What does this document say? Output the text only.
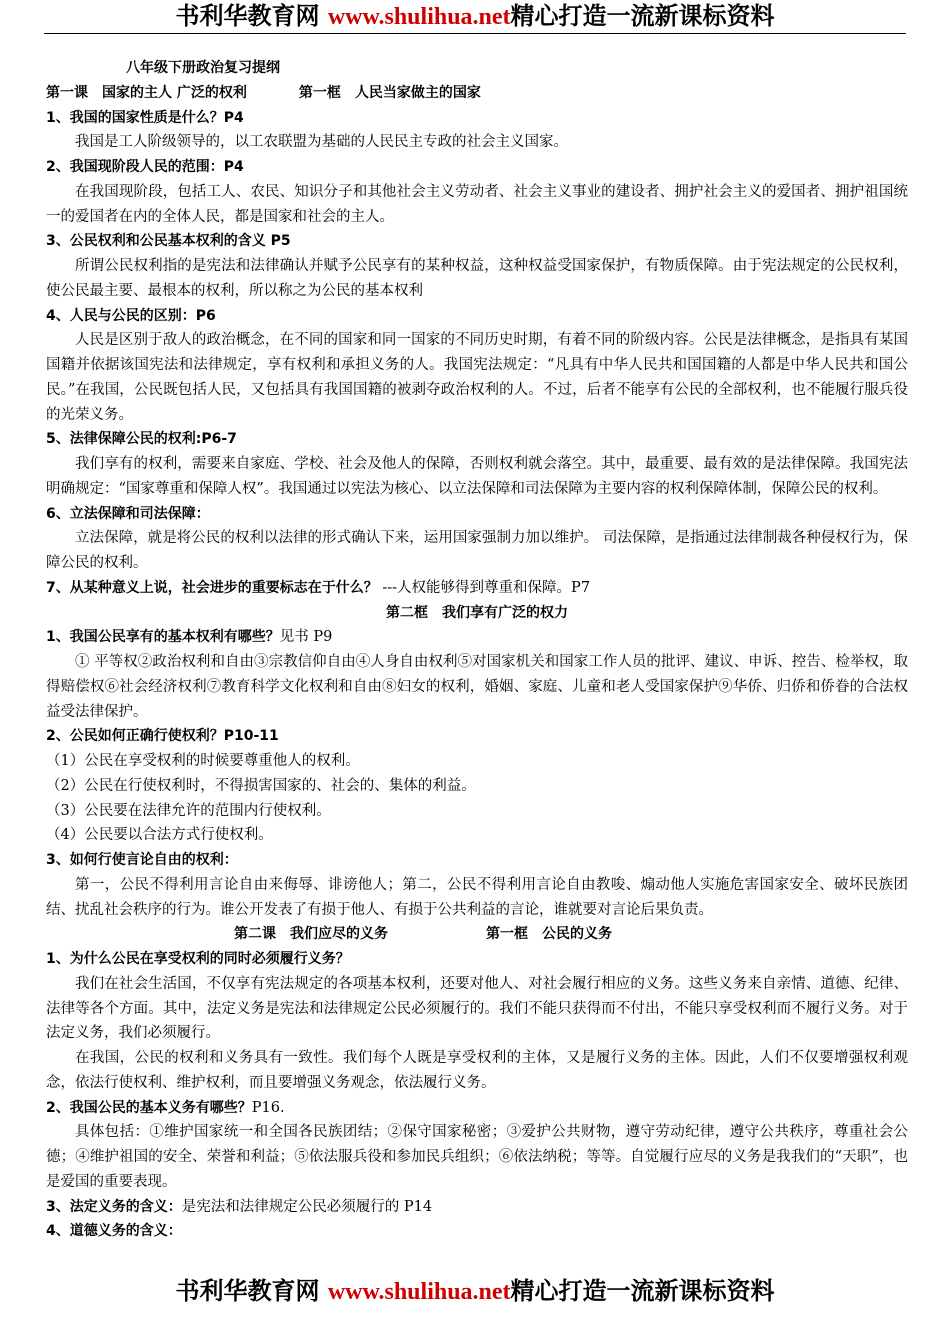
书利华教育网 www.shulihua.net精心打造一流新课标资料

八年级下册政治复习提纲

第一课　国家的主人 广泛的权利	第一框　人民当家做主的国家

1、我国的国家性质是什么？P4

我国是工人阶级领导的，以工农联盟为基础的人民民主专政的社会主义国家。

2、我国现阶段人民的范围：P4

在我国现阶段，包括工人、农民、知识分子和其他社会主义劳动者、社会主义事业的建设者、拥护社会主义的爱国者、拥护祖国统一的爱国者在内的全体人民，都是国家和社会的主人。

3、公民权利和公民基本权利的含义 P5

所谓公民权利指的是宪法和法律确认并赋予公民享有的某种权益，这种权益受国家保护，有物质保障。由于宪法规定的公民权利，使公民最主要、最根本的权利，所以称之为公民的基本权利

4、人民与公民的区别：P6

人民是区别于敌人的政治概念，在不同的国家和同一国家的不同历史时期，有着不同的阶级内容。公民是法律概念，是指具有某国国籍并依据该国宪法和法律规定，享有权利和承担义务的人。我国宪法规定：“凡具有中华人民共和国国籍的人都是中华人民共和国公民。”在我国，公民既包括人民，又包括具有我国国籍的被剥夺政治权利的人。不过，后者不能享有公民的全部权利，也不能履行服兵役的光荣义务。

5、法律保障公民的权利:P6-7

我们享有的权利，需要来自家庭、学校、社会及他人的保障，否则权利就会落空。其中，最重要、最有效的是法律保障。我国宪法明确规定：“国家尊重和保障人权”。我国通过以宪法为核心、以立法保障和司法保障为主要内容的权利保障体制，保障公民的权利。

6、立法保障和司法保障：

立法保障，就是将公民的权利以法律的形式确认下来，运用国家强制力加以维护。 司法保障，是指通过法律制裁各种侵权行为，保障公民的权利。

7、从某种意义上说，社会进步的重要标志在于什么？ ---人权能够得到尊重和保障。P7

第二框　我们享有广泛的权力

1、我国公民享有的基本权利有哪些？见书 P9

① 平等权②政治权利和自由③宗教信仰自由④人身自由权利⑤对国家机关和国家工作人员的批评、建议、申诉、控告、检举权，取得赔偿权⑥社会经济权利⑦教育科学文化权利和自由⑧妇女的权利，婚姻、家庭、儿童和老人受国家保护⑨华侨、归侨和侨眷的合法权益受法律保护。

2、公民如何正确行使权利？P10-11

（1）公民在享受权利的时候要尊重他人的权利。

（2）公民在行使权利时，不得损害国家的、社会的、集体的利益。

（3）公民要在法律允许的范围内行使权利。

（4）公民要以合法方式行使权利。

3、如何行使言论自由的权利：

第一，公民不得利用言论自由来侮辱、诽谤他人；第二，公民不得利用言论自由教唆、煽动他人实施危害国家安全、破坏民族团结、扰乱社会秩序的行为。谁公开发表了有损于他人、有损于公共利益的言论，谁就要对言论后果负责。

第二课　我们应尽的义务	第一框　公民的义务

1、为什么公民在享受权利的同时必须履行义务？

我们在社会生活国，不仅享有宪法规定的各项基本权利，还要对他人、对社会履行相应的义务。这些义务来自亲情、道德、纪律、法律等各个方面。其中，法定义务是宪法和法律规定公民必须履行的。我们不能只获得而不付出，不能只享受权利而不履行义务。对于法定义务，我们必须履行。

在我国，公民的权利和义务具有一致性。我们每个人既是享受权利的主体，又是履行义务的主体。因此，人们不仅要增强权利观念，依法行使权利、维护权利，而且要增强义务观念，依法履行义务。

2、我国公民的基本义务有哪些？P16.

具体包括：①维护国家统一和全国各民族团结；②保守国家秘密；③爱护公共财物，遵守劳动纪律，遵守公共秩序，尊重社会公德；④维护祖国的安全、荣誉和利益；⑤依法服兵役和参加民兵组织；⑥依法纳税；等等。自觉履行应尽的义务是我我们的“天职”，也是爱国的重要表现。

3、法定义务的含义：是宪法和法律规定公民必须履行的 P14

4、道德义务的含义：

书利华教育网 www.shulihua.net精心打造一流新课标资料
